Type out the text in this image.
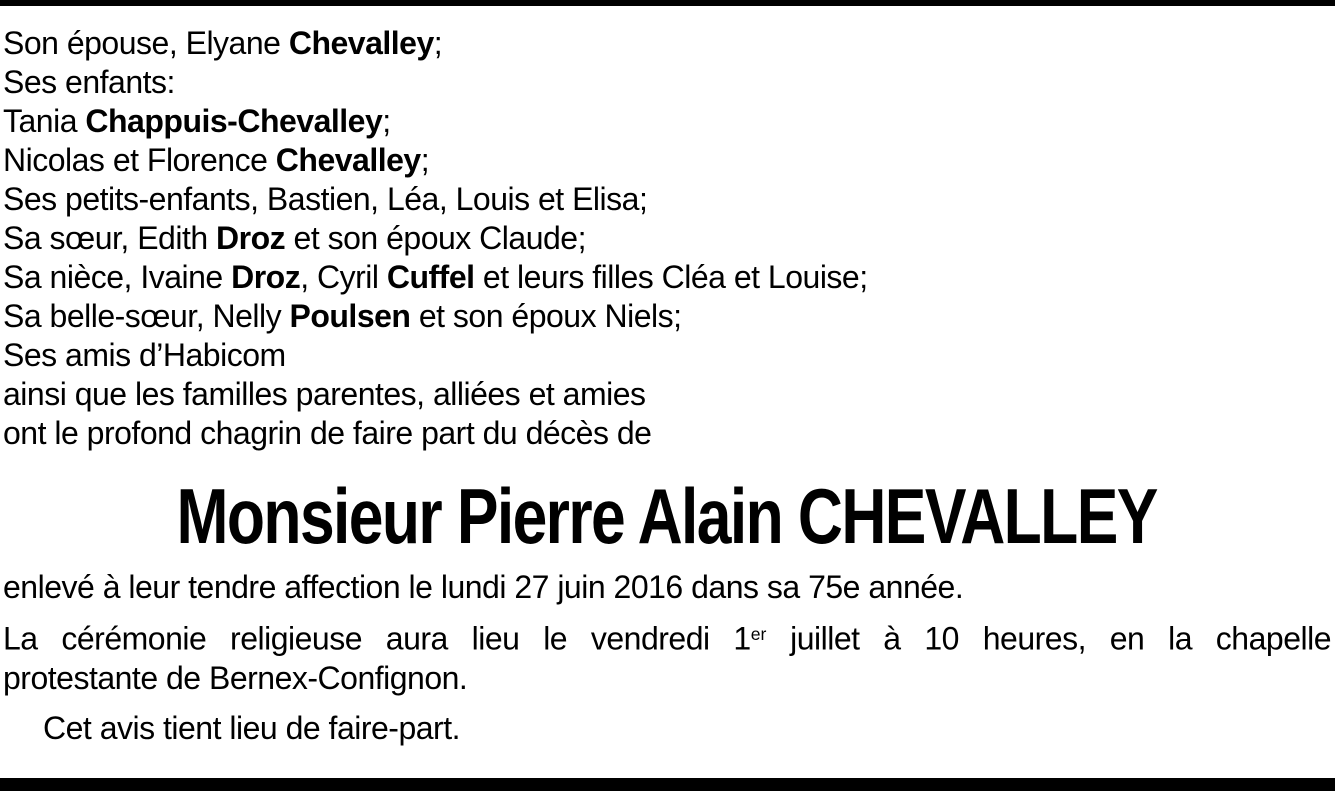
Son épouse, Elyane Chevalley;
Ses enfants:
Tania Chappuis-Chevalley;
Nicolas et Florence Chevalley;
Ses petits-enfants, Bastien, Léa, Louis et Elisa;
Sa sœur, Edith Droz et son époux Claude;
Sa nièce, Ivaine Droz, Cyril Cuffel et leurs filles Cléa et Louise;
Sa belle-sœur, Nelly Poulsen et son époux Niels;
Ses amis d’Habicom
ainsi que les familles parentes, alliées et amies
ont le profond chagrin de faire part du décès de
Monsieur Pierre Alain CHEVALLEY

enlevé à leur tendre affection le lundi 27 juin 2016 dans sa 75e année.

La cérémonie religieuse aura lieu le vendredi 1er juillet à 10 heures, en la chapelle
protestante de Bernex-Confignon.

Cet avis tient lieu de faire-part.
